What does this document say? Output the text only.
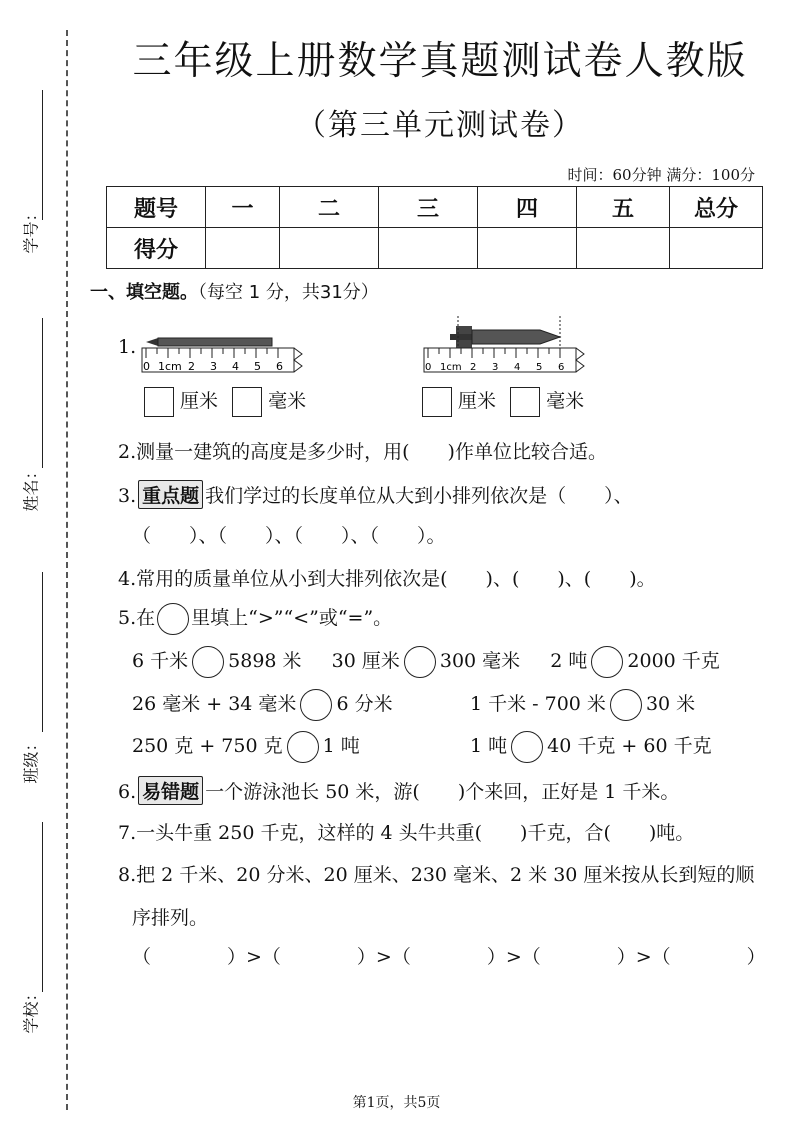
学号：
姓名：
班级：
学校：
三年级上册数学真题测试卷人教版
（第三单元测试卷）
时间：60分钟 满分：100分
题号	一	二	三	四	五	总分
得分						
一、填空题。（每空 1 分，共31分）
1.
0 1cm 2 3 4 5 6	0 1cm 2 3 4 5 6
厘米	毫米	厘米	毫米
2.测量一建筑的高度是多少时，用(　　)作单位比较合适。
3. 重点题 我们学过的长度单位从大到小排列依次是（　　）、
（　　）、（　　）、（　　）、（　　）。
4.常用的质量单位从小到大排列依次是(　　)、(　　)、(　　)。
5.在 里填上“>”“<”或“=”。
6 千米 5898 米 30 厘米 300 毫米 2 吨 2000 千克
26 毫米 + 34 毫米 6 分米	1 千米 - 700 米 30 米
250 克 + 750 克 1 吨	1 吨 40 千克 + 60 千克
6. 易错题 一个游泳池长 50 米，游(　　)个来回，正好是 1 千米。
7.一头牛重 250 千克，这样的 4 头牛共重(　　)千克，合(　　)吨。
8.把 2 千米、20 分米、20 厘米、230 毫米、2 米 30 厘米按从长到短的顺
序排列。
（　　　　）>（　　　　）>（　　　　）>（　　　　）>（　　　　）
第1页，共5页
